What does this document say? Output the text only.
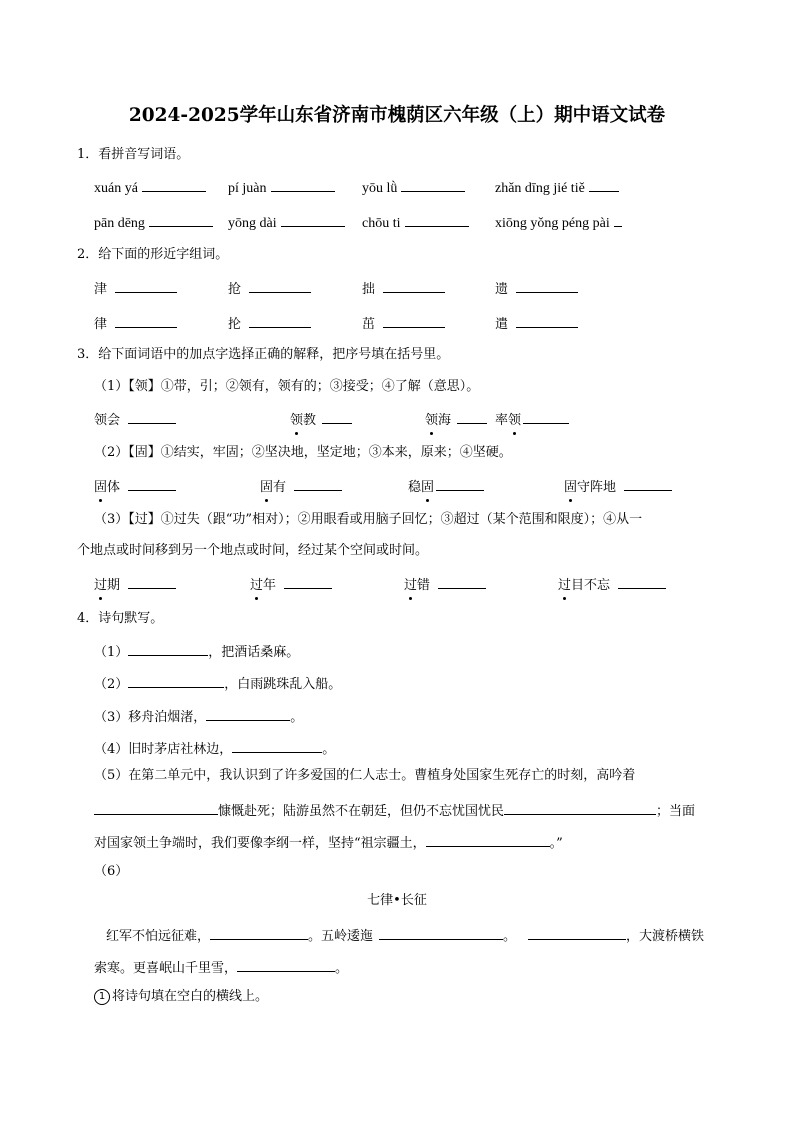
2024-2025学年山东省济南市槐荫区六年级（上）期中语文试卷
1．看拼音写词语。
xuán yá	pí juàn	yōu lǜ	zhǎn dīng jié tiě
pān dēng	yōng dài	chōu ti	xiōng yǒng péng pài
2．给下面的形近字组词。
津	抢	拙	遗
律	抡	茁	遣
3．给下面词语中的加点字选择正确的解释，把序号填在括号里。
（1）【领】①带，引；②领有，领有的；③接受；④了解（意思）。
领会	领教	领海	率领
（2）【固】①结实，牢固；②坚决地，坚定地；③本来，原来；④坚硬。
固体	固有	稳固	固守阵地
（3）【过】①过失（跟“功”相对）；②用眼看或用脑子回忆；③超过（某个范围和限度）；④从一
个地点或时间移到另一个地点或时间，经过某个空间或时间。
过期	过年	过错	过目不忘
4．诗句默写。
（1）	，把酒话桑麻。
（2）	，白雨跳珠乱入船。
（3）移舟泊烟渚，	。
（4）旧时茅店社林边，	。
（5）在第二单元中，我认识到了许多爱国的仁人志士。曹植身处国家生死存亡的时刻，高吟着
慷慨赴死；陆游虽然不在朝廷，但仍不忘忧国忧民	；当面
对国家领土争端时，我们要像李纲一样，坚持“祖宗疆土，	。”
（6）
七律•长征
红军不怕远征难，	。五岭逶迤	。	，大渡桥横铁
索寒。更喜岷山千里雪，	。
1 将诗句填在空白的横线上。
